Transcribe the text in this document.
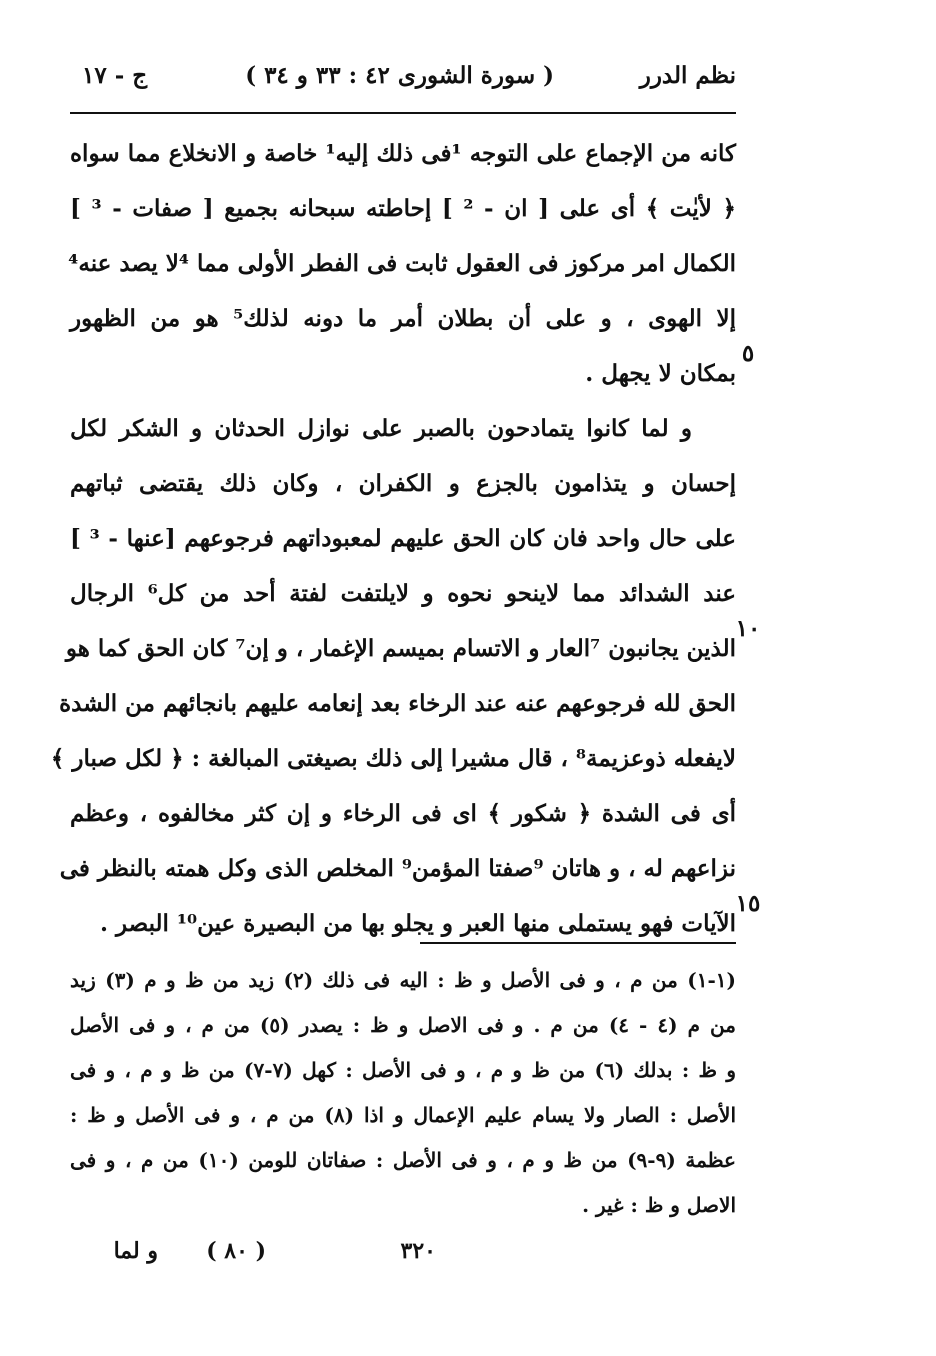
نظم الدرر
( سورة الشورى ٤٢ : ٣٣ و ٣٤ )
ج - ١٧
كانه من الإجماع على التوجه ¹فى ذلك إليه¹ خاصة و الانخلاع مما سواه
﴿ لأيٰت ﴾ أى على [ ان - ² ] إحاطته سبحانه بجميع [ صفات - ³ ]
الكمال امر مركوز فى العقول ثابت فى الفطر الأولى مما ⁴لا يصد عنه⁴
إلا الهوى ، و على أن بطلان أمر ما دونه لذلك⁵ هو من الظهور
بمكان لا يجهل .
و لما كانوا يتمادحون بالصبر على نوازل الحدثان و الشكر لكل
إحسان و يتذامون بالجزع و الكفران ، وكان ذلك يقتضى ثباتهم
على حال واحد فان كان الحق عليهم لمعبوداتهم فرجوعهم [عنها - ³ ]
عند الشدائد مما لاينحو نحوه و لايلتفت لفتة أحد من كل⁶ الرجال
الذين يجانبون ⁷العار و الاتسام بميسم الإغمار ، و إن⁷ كان الحق كما هو
الحق لله فرجوعهم عنه عند الرخاء بعد إنعامه عليهم بانجائهم من الشدة
لايفعله ذوعزيمة⁸ ، قال مشيرا إلى ذلك بصيغتى المبالغة : ﴿ لكل صبار ﴾
أى فى الشدة ﴿ شكور ﴾ اى فى الرخاء و إن كثر مخالفوه ، وعظم
نزاعهم له ، و هاتان ⁹صفتا المؤمن⁹ المخلص الذى وكل همته بالنظر فى
الآيات فهو يستملى منها العبر و يجلو بها من البصيرة عين¹⁰ البصر .
٥
١٠
١٥
(١-١) من م ، و فى الأصل و ظ : اليه فى ذلك (٢) زيد من ظ و م (٣) زيد
من م (٤ - ٤) من م . و فى الاصل و ظ : يصدر (٥) من م ، و فى الأصل
و ظ : بدلك (٦) من ظ و م ، و فى الأصل : كهل (٧-٧) من ظ و م ، و فى
الأصل : الصار ولا يسام عليم الإعمال و اذا (٨) من م ، و فى الأصل و ظ :
عظمة (٩-٩) من ظ و م ، و فى الأصل : صفاتان للومن (١٠) من م ، و فى
الاصل و ظ : غير .
٣٢٠
( ٨٠ )
و لما
